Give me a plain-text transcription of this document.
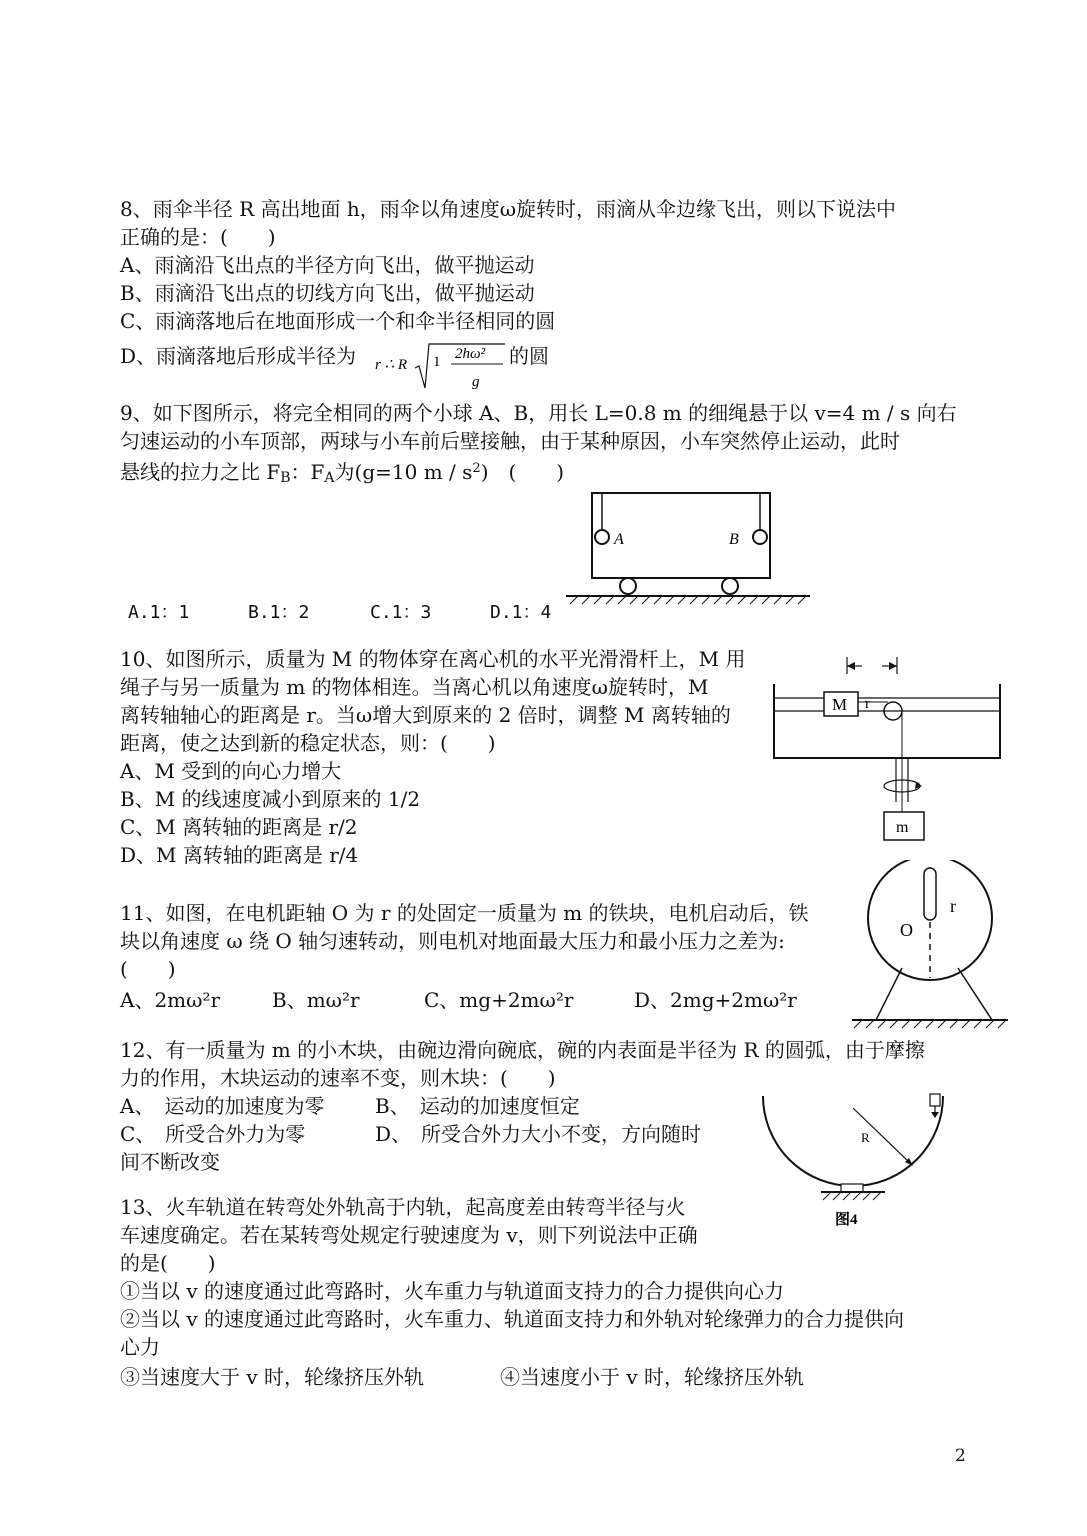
8、雨伞半径 R 高出地面 h，雨伞以角速度ω旋转时，雨滴从伞边缘飞出，则以下说法中
正确的是：(　　)
A、雨滴沿飞出点的半径方向飞出，做平抛运动
B、雨滴沿飞出点的切线方向飞出，做平抛运动
C、雨滴落地后在地面形成一个和伞半径相同的圆
D、雨滴落地后形成半径为 r ∴ R 1 2hω²
g
的圆
9、如下图所示，将完全相同的两个小球 A、B，用长 L=0.8 m 的细绳悬于以 v=4 m / s 向右
匀速运动的小车顶部，两球与小车前后壁接触，由于某种原因，小车突然停止运动，此时
悬线的拉力之比 $F_B$：$F_A$为(g=10 m / $s^2$)　(　　)
A	B
A.1：1	B.1：2	C.1：3	D.1：4
10、如图所示，质量为 M 的物体穿在离心机的水平光滑滑杆上，M 用
绳子与另一质量为 m 的物体相连。当离心机以角速度ω旋转时，M
离转轴轴心的距离是 r。当ω增大到原来的 2 倍时，调整 M 离转轴的
距离，使之达到新的稳定状态，则：(　　)
A、M 受到的向心力增大
B、M 的线速度减小到原来的 1/2
C、M 离转轴的距离是 r/2
D、M 离转轴的距离是 r/4
M r
m
11、如图，在电机距轴 O 为 r 的处固定一质量为 m 的铁块，电机启动后，铁
块以角速度 ω 绕 O 轴匀速转动，则电机对地面最大压力和最小压力之差为:
(　　)
A、2mω²r	B、mω²r	C、mg+2mω²r	D、2mg+2mω²r
O
r
12、有一质量为 m 的小木块，由碗边滑向碗底，碗的内表面是半径为 R 的圆弧，由于摩擦
力的作用，木块运动的速率不变，则木块：(　　)
A、　运动的加速度为零	B、　运动的加速度恒定
C、　所受合外力为零	D、　所受合外力大小不变，方向随时
间不断改变
R
图4
13、火车轨道在转弯处外轨高于内轨，起高度差由转弯半径与火
车速度确定。若在某转弯处规定行驶速度为 v，则下列说法中正确
的是(　　)
①当以 v 的速度通过此弯路时，火车重力与轨道面支持力的合力提供向心力
②当以 v 的速度通过此弯路时，火车重力、轨道面支持力和外轨对轮缘弹力的合力提供向
心力
③当速度大于 v 时，轮缘挤压外轨	④当速度小于 v 时，轮缘挤压外轨
2
